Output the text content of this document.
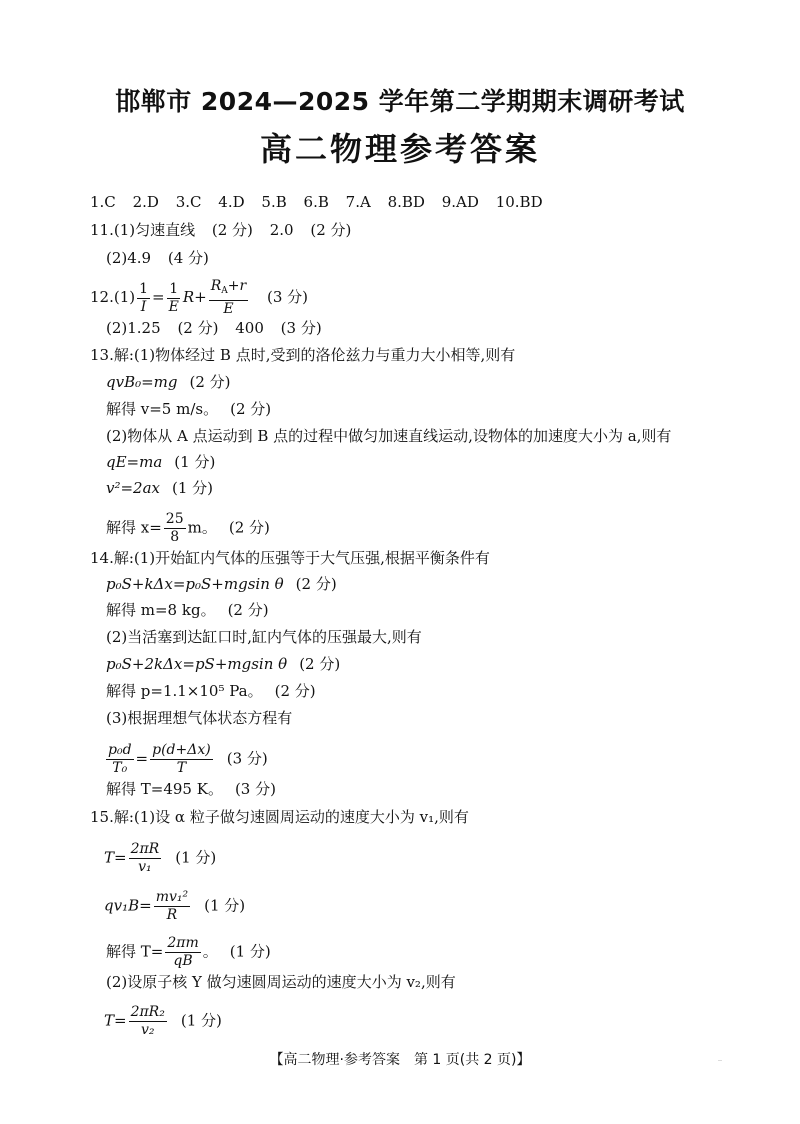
邯郸市 2024—2025 学年第二学期期末调研考试
高二物理参考答案
1.C 2.D 3.C 4.D 5.B 6.B 7.A 8.BD 9.AD 10.BD
11.(1)匀速直线 (2 分) 2.0 (2 分)
(2)4.9 (4 分)
$12.(1) \frac{1}{I} = \frac{1}{E} R+ \frac{R_A+r}{E} (3$ 分)
(2)1.25 (2 分) 400 (3 分)
13.解:(1)物体经过 B 点时,受到的洛伦兹力与重力大小相等,则有
qvB₀=mg (2 分)
解得 v=5 m/s。 (2 分)
(2)物体从 A 点运动到 B 点的过程中做匀加速直线运动,设物体的加速度大小为 a,则有
qE=ma (1 分)
v²=2ax (1 分)
解得 $x= \frac{25}{8}$ m。 (2 分)
14.解:(1)开始缸内气体的压强等于大气压强,根据平衡条件有
p₀S+kΔx=p₀S+mgsin θ (2 分)
解得 m=8 kg。 (2 分)
(2)当活塞到达缸口时,缸内气体的压强最大,则有
p₀S+2kΔx=pS+mgsin θ (2 分)
解得 p=1.1×10⁵ Pa。 (2 分)
(3)根据理想气体状态方程有
$\frac{\text{p₀d}}{\text{T₀}} = \frac{p(d+\Delta x)}{T} (3$ 分)
解得 T=495 K。 (3 分)
15.解:(1)设 α 粒子做匀速圆周运动的速度大小为 v₁,则有
$T= \frac{2\pi R}{\text{v₁}} (1$ 分)
$qv_1B= \frac{\text{mv₁²}}{R} (1$ 分)
解得 $T= \frac{2\pi m}{qB}$ 。 (1 分)
(2)设原子核 Y 做匀速圆周运动的速度大小为 v₂,则有
$T= \frac{\text{2πR₂}}{\text{v₂}} (1$ 分)
【高二物理·参考答案　第 1 页(共 2 页)】	‾
